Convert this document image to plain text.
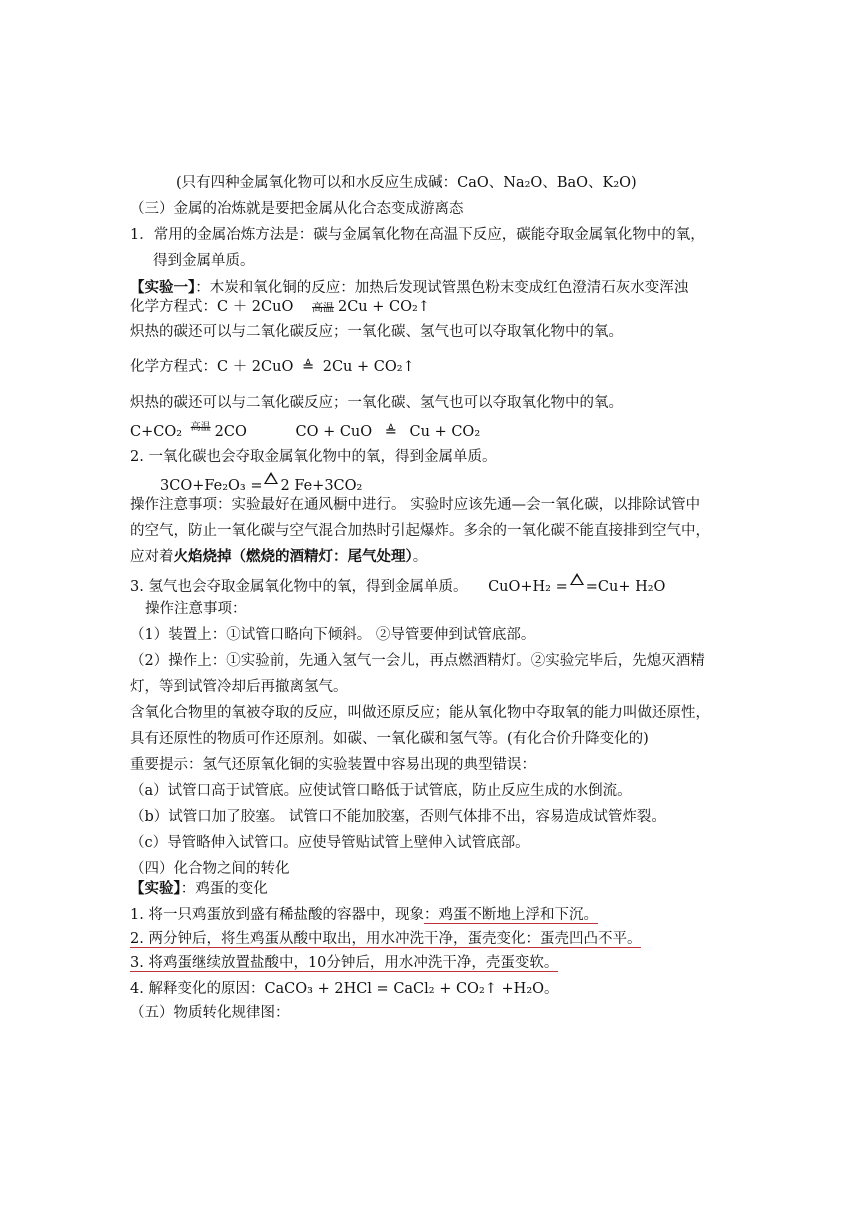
(只有四种金属氧化物可以和水反应生成碱：CaO、Na₂O、BaO、K₂O)
（三）金属的冶炼就是要把金属从化合态变成游离态
1．常用的金属冶炼方法是：碳与金属氧化物在高温下反应，碳能夺取金属氧化物中的氧，
得到金属单质。
【实验一】：木炭和氧化铜的反应：加热后发现试管黑色粉末变成红色澄清石灰水变浑浊
化学方程式：C ＋ 2CuO 高温 2Cu + CO₂↑
炽热的碳还可以与二氧化碳反应；一氧化碳、氢气也可以夺取氧化物中的氧。
化学方程式：C ＋ 2CuO ≜ 2Cu + CO₂↑
炽热的碳还可以与二氧化碳反应；一氧化碳、氢气也可以夺取氧化物中的氧。
C+CO₂ $^{高温}$ 2CO	CO + CuO ≜ Cu + CO₂
2. 一氧化碳也会夺取金属氧化物中的氧，得到金属单质。
3CO+Fe₂O₃ = 2 Fe+3CO₂
操作注意事项：实验最好在通风橱中进行。 实验时应该先通—会一氧化碳，以排除试管中
的空气，防止一氧化碳与空气混合加热时引起爆炸。多余的一氧化碳不能直接排到空气中，
应对着火焰烧掉（燃烧的酒精灯：尾气处理）。
3. 氢气也会夺取金属氧化物中的氧，得到金属单质。 CuO+H₂ = =Cu+ H₂O
操作注意事项：
（1）装置上：①试管口略向下倾斜。 ②导管要伸到试管底部。
（2）操作上：①实验前，先通入氢气一会儿，再点燃酒精灯。②实验完毕后，先熄灭酒精
灯，等到试管冷却后再撤离氢气。
含氧化合物里的氧被夺取的反应，叫做还原反应；能从氧化物中夺取氧的能力叫做还原性，
具有还原性的物质可作还原剂。如碳、一氧化碳和氢气等。(有化合价升降变化的)
重要提示：氢气还原氧化铜的实验装置中容易出现的典型错误：
（a）试管口高于试管底。应使试管口略低于试管底，防止反应生成的水倒流。
（b）试管口加了胶塞。 试管口不能加胶塞，否则气体排不出，容易造成试管炸裂。
（c）导管略伸入试管口。应使导管贴试管上壁伸入试管底部。
（四）化合物之间的转化
【实验】：鸡蛋的变化
1. 将一只鸡蛋放到盛有稀盐酸的容器中，现象：鸡蛋不断地上浮和下沉。
2. 两分钟后，将生鸡蛋从酸中取出，用水冲洗干净，蛋壳变化：蛋壳凹凸不平。
3. 将鸡蛋继续放置盐酸中，10分钟后，用水冲洗干净，壳蛋变软。
4. 解释变化的原因：CaCO₃ + 2HCl = CaCl₂ + CO₂↑ +H₂O。
（五）物质转化规律图：
